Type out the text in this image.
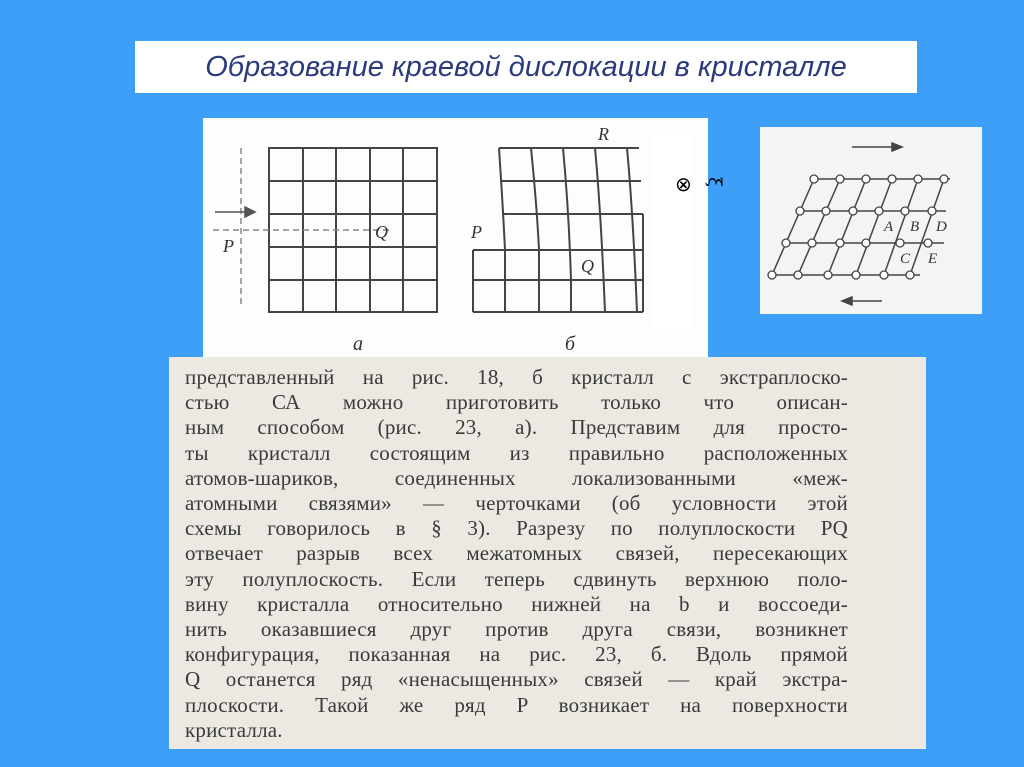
Образование краевой дислокации в кристалле
P
Q
а
R
P
Q
б
⊗ ξ
A B D
C E
представленный на рис. 18, б кристалл с экстраплоско-
стью СА можно приготовить только что описан-
ным способом (рис. 23, а). Представим для просто-
ты кристалл состоящим из правильно расположенных
атомов-шариков, соединенных локализованными «меж-
атомными связями» — черточками (об условности этой
схемы говорилось в § 3). Разрезу по полуплоскости PQ
отвечает разрыв всех межатомных связей, пересекающих
эту полуплоскость. Если теперь сдвинуть верхнюю поло-
вину кристалла относительно нижней на b и воссоеди-
нить оказавшиеся друг против друга связи, возникнет
конфигурация, показанная на рис. 23, б. Вдоль прямой
Q останется ряд «ненасыщенных» связей — край экстра-
плоскости. Такой же ряд P возникает на поверхности
кристалла.
